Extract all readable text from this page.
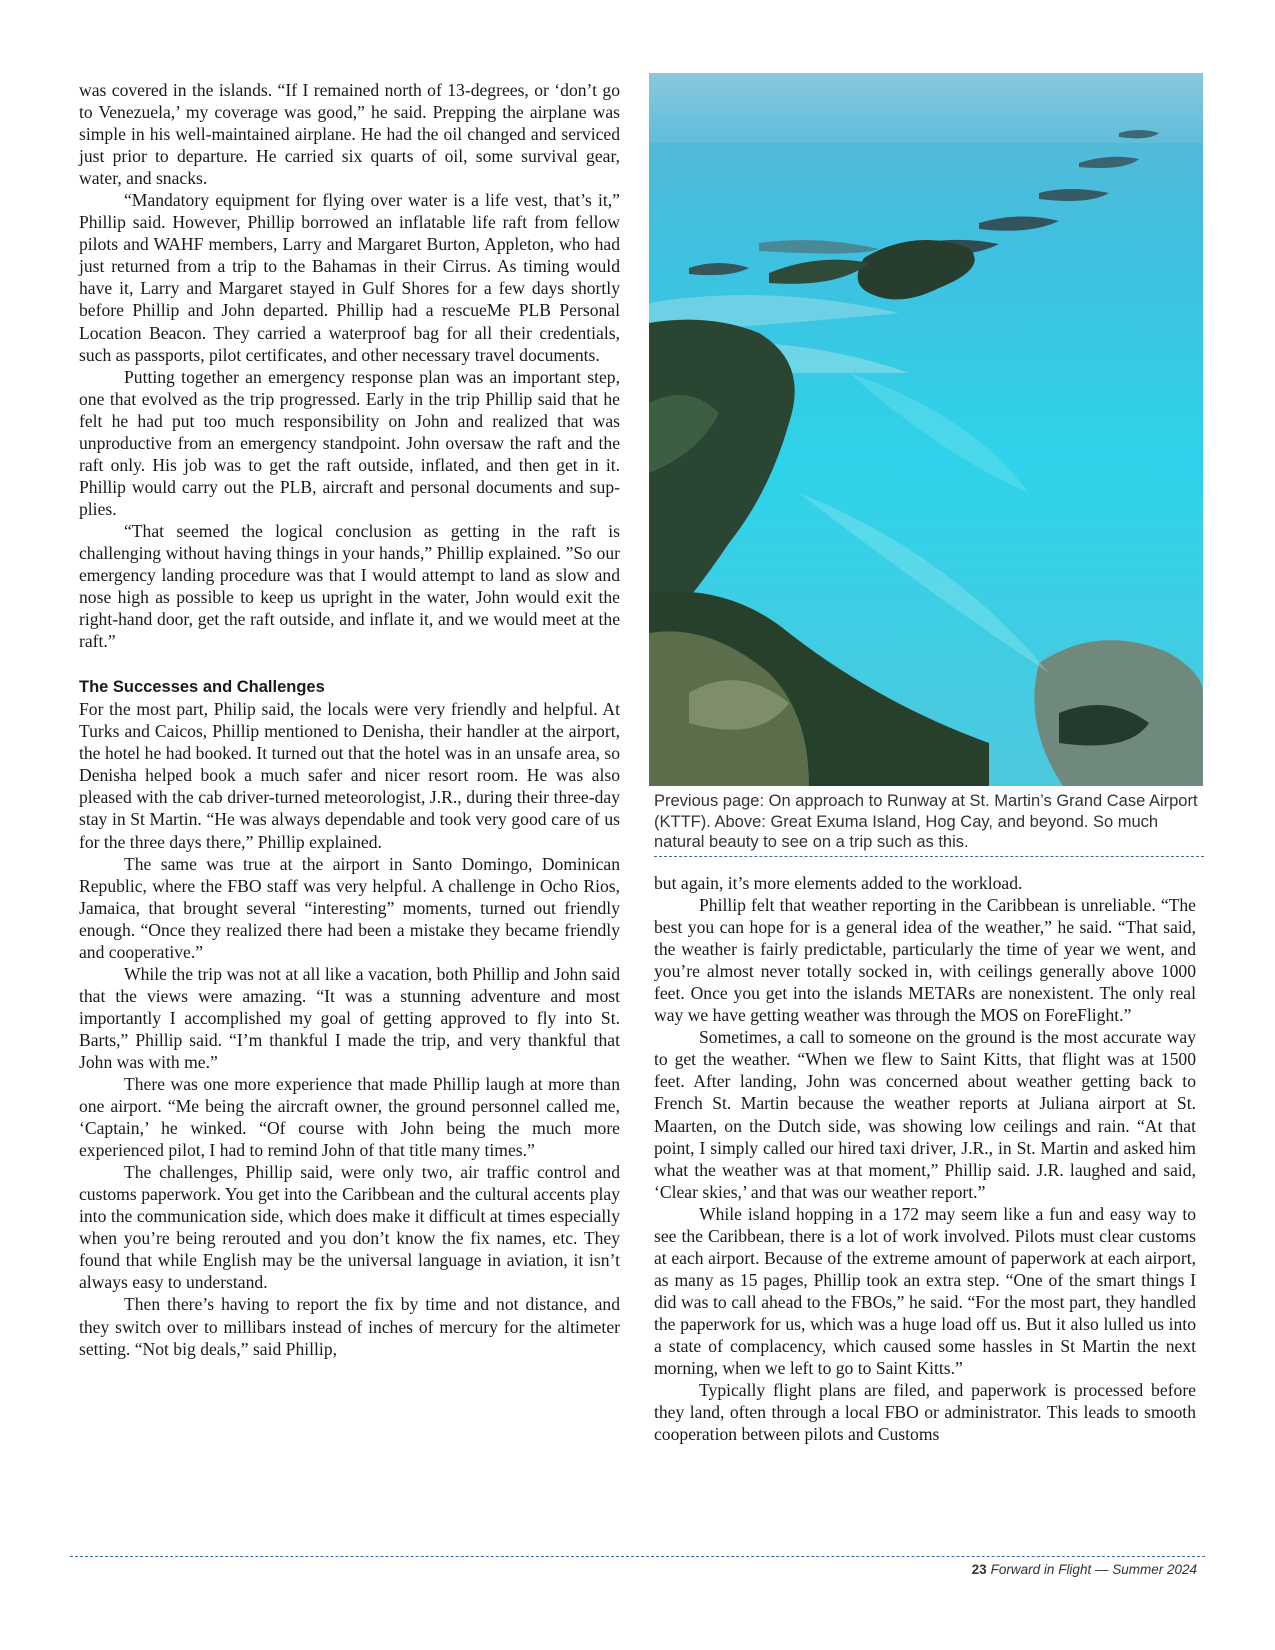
was covered in the islands. “If I remained north of 13-degrees, or ‘don’t go to Venezuela,’ my coverage was good,” he said. Prepping the airplane was simple in his well-maintained airplane. He had the oil changed and serviced just prior to departure. He carried six quarts of oil, some survival gear, water, and snacks.

“Mandatory equipment for flying over water is a life vest, that’s it,” Phillip said. However, Phillip borrowed an inflatable life raft from fellow pilots and WAHF members, Larry and Margaret Burton, Appleton, who had just returned from a trip to the Bahamas in their Cirrus. As timing would have it, Larry and Margaret stayed in Gulf Shores for a few days shortly before Phillip and John departed. Phillip had a rescueMe PLB Personal Location Beacon. They carried a waterproof bag for all their credentials, such as passports, pilot certificates, and other necessary travel documents.

Putting together an emergency response plan was an important step, one that evolved as the trip progressed. Early in the trip Phillip said that he felt he had put too much responsibility on John and realized that was unproductive from an emergency standpoint. John oversaw the raft and the raft only. His job was to get the raft outside, inflated, and then get in it. Phillip would carry out the PLB, aircraft and personal documents and supplies.

“That seemed the logical conclusion as getting in the raft is challenging without having things in your hands,” Phillip explained. ”So our emergency landing procedure was that I would attempt to land as slow and nose high as possible to keep us upright in the water, John would exit the right-hand door, get the raft outside, and inflate it, and we would meet at the raft.”

The Successes and Challenges

For the most part, Philip said, the locals were very friendly and helpful. At Turks and Caicos, Phillip mentioned to Denisha, their handler at the airport, the hotel he had booked. It turned out that the hotel was in an unsafe area, so Denisha helped book a much safer and nicer resort room. He was also pleased with the cab driver-turned meteorologist, J.R., during their three-day stay in St Martin. “He was always dependable and took very good care of us for the three days there,” Phillip explained.

The same was true at the airport in Santo Domingo, Dominican Republic, where the FBO staff was very helpful. A challenge in Ocho Rios, Jamaica, that brought several “interesting” moments, turned out friendly enough. “Once they realized there had been a mistake they became friendly and cooperative.”

While the trip was not at all like a vacation, both Phillip and John said that the views were amazing. “It was a stunning adventure and most importantly I accomplished my goal of getting approved to fly into St. Barts,” Phillip said. “I’m thankful I made the trip, and very thankful that John was with me.”

There was one more experience that made Phillip laugh at more than one airport. “Me being the aircraft owner, the ground personnel called me, ‘Captain,’ he winked. “Of course with John being the much more experienced pilot, I had to remind John of that title many times.”

The challenges, Phillip said, were only two, air traffic control and customs paperwork. You get into the Caribbean and the cultural accents play into the communication side, which does make it difficult at times especially when you’re being rerouted and you don’t know the fix names, etc. They found that while English may be the universal language in aviation, it isn’t always easy to understand.

Then there’s having to report the fix by time and not distance, and they switch over to millibars instead of inches of mercury for the altimeter setting. “Not big deals,” said Phillip,

Previous page: On approach to Runway at St. Martin’s Grand Case Airport (KTTF). Above: Great Exuma Island, Hog Cay, and beyond. So much natural beauty to see on a trip such as this.

but again, it’s more elements added to the workload.

Phillip felt that weather reporting in the Caribbean is unreliable. “The best you can hope for is a general idea of the weather,” he said. “That said, the weather is fairly predictable, particularly the time of year we went, and you’re almost never totally socked in, with ceilings generally above 1000 feet. Once you get into the islands METARs are nonexistent. The only real way we have getting weather was through the MOS on ForeFlight.”

Sometimes, a call to someone on the ground is the most accurate way to get the weather. “When we flew to Saint Kitts, that flight was at 1500 feet. After landing, John was concerned about weather getting back to French St. Martin because the weather reports at Juliana airport at St. Maarten, on the Dutch side, was showing low ceilings and rain. “At that point, I simply called our hired taxi driver, J.R., in St. Martin and asked him what the weather was at that moment,” Phillip said. J.R. laughed and said, ‘Clear skies,’ and that was our weather report.”

While island hopping in a 172 may seem like a fun and easy way to see the Caribbean, there is a lot of work involved. Pilots must clear customs at each airport. Because of the extreme amount of paperwork at each airport, as many as 15 pages, Phillip took an extra step. “One of the smart things I did was to call ahead to the FBOs,” he said. “For the most part, they handled the paperwork for us, which was a huge load off us. But it also lulled us into a state of complacency, which caused some hassles in St Martin the next morning, when we left to go to Saint Kitts.”

Typically flight plans are filed, and paperwork is processed before they land, often through a local FBO or administrator. This leads to smooth cooperation between pilots and Customs

23 Forward in Flight — Summer 2024
